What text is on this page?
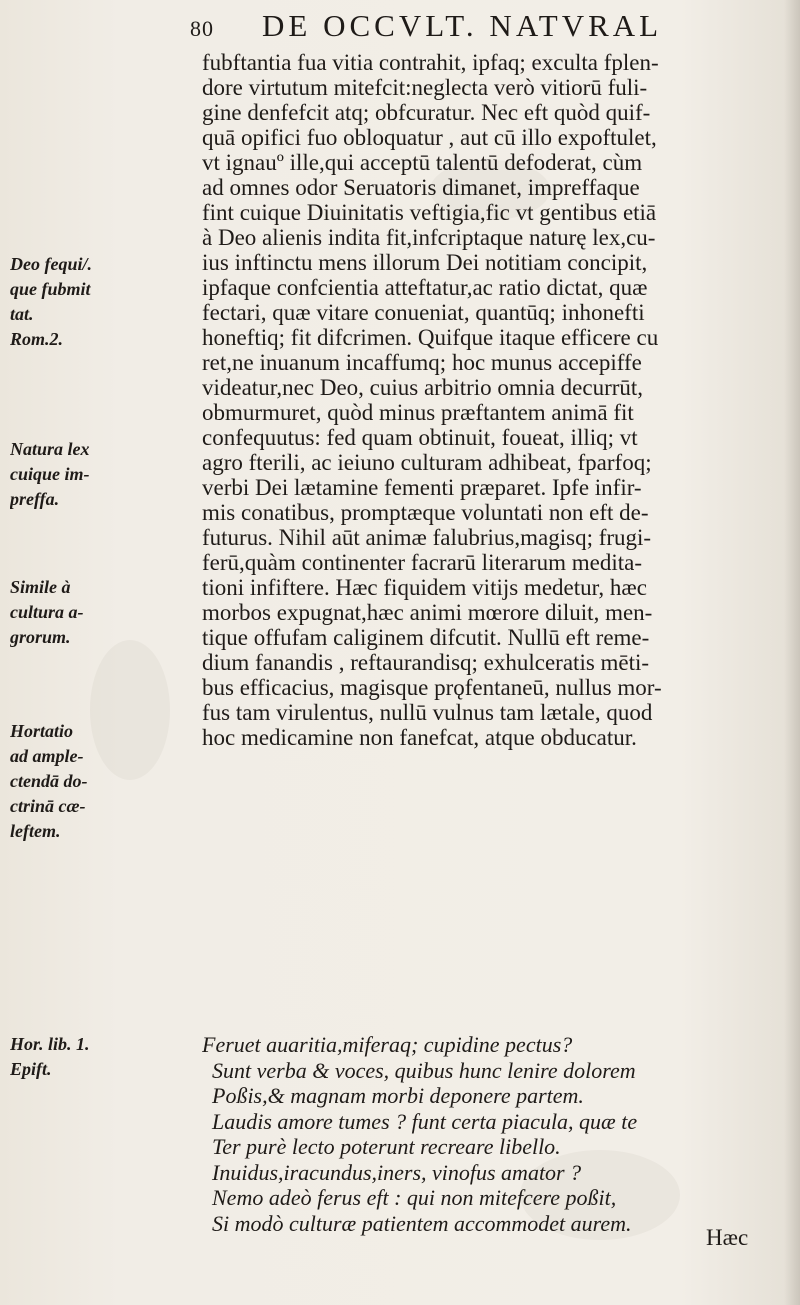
80 DE OCCVLT. NATVRAL
fubftantia fua vitia contrahit, ipfaq; exculta fplen-
dore virtutum mitefcit:neglecta verò vitiorū fuli-
gine denfefcit atq; obfcuratur. Nec eft quòd quif-
quā opifici fuo obloquatur , aut cū illo expoftulet,
vt ignauº ille,qui acceptū talentū defoderat, cùm
ad omnes odor Seruatoris dimanet, impreffaque
fint cuique Diuinitatis veftigia,fic vt gentibus etiā
à Deo alienis indita fit,infcriptaque naturę lex,cu-
ius inftinctu mens illorum Dei notitiam concipit,
ipfaque confcientia atteftatur,ac ratio dictat, quæ
fectari, quæ vitare conueniat, quantūq; inhonefti
honeftiq; fit difcrimen. Quifque itaque efficere cu
ret,ne inuanum incaffumq; hoc munus accepiffe
videatur,nec Deo, cuius arbitrio omnia decurrūt,
obmurmuret, quòd minus præftantem animā fit
confequutus: fed quam obtinuit, foueat, illiq; vt
agro fterili, ac ieiuno culturam adhibeat, fparfoq;
verbi Dei lætamine fementi præparet. Ipfe infir-
mis conatibus, promptæque voluntati non eft de-
futurus. Nihil aūt animæ falubrius,magisq; frugi-
ferū,quàm continenter facrarū literarum medita-
tioni infiftere. Hæc fiquidem vitijs medetur, hæc
morbos expugnat,hæc animi mœrore diluit, men-
tique offufam caliginem difcutit. Nullū eft reme-
dium fanandis , reftaurandisq; exhulceratis mēti-
bus efficacius, magisque prǫfentaneū, nullus mor-
fus tam virulentus, nullū vulnus tam lætale, quod
hoc medicamine non fanefcat, atque obducatur.
Deo fequi/.
que fubmit
tat.
Rom.2.
Natura lex
cuique im-
preffa.
Simile à
cultura a-
grorum.
Hortatio
ad ample-
ctendā do-
ctrinā cæ-
leftem.
Hor. lib. 1.
Epift.
Feruet auaritia,miferaq; cupidine pectus?
Sunt verba & voces, quibus hunc lenire dolorem
Poßis,& magnam morbi deponere partem.
Laudis amore tumes ? funt certa piacula, quæ te
Ter purè lecto poterunt recreare libello.
Inuidus,iracundus,iners, vinofus amator ?
Nemo adeò ferus eft : qui non mitefcere poßit,
Si modò culturæ patientem accommodet aurem.
Hæc
